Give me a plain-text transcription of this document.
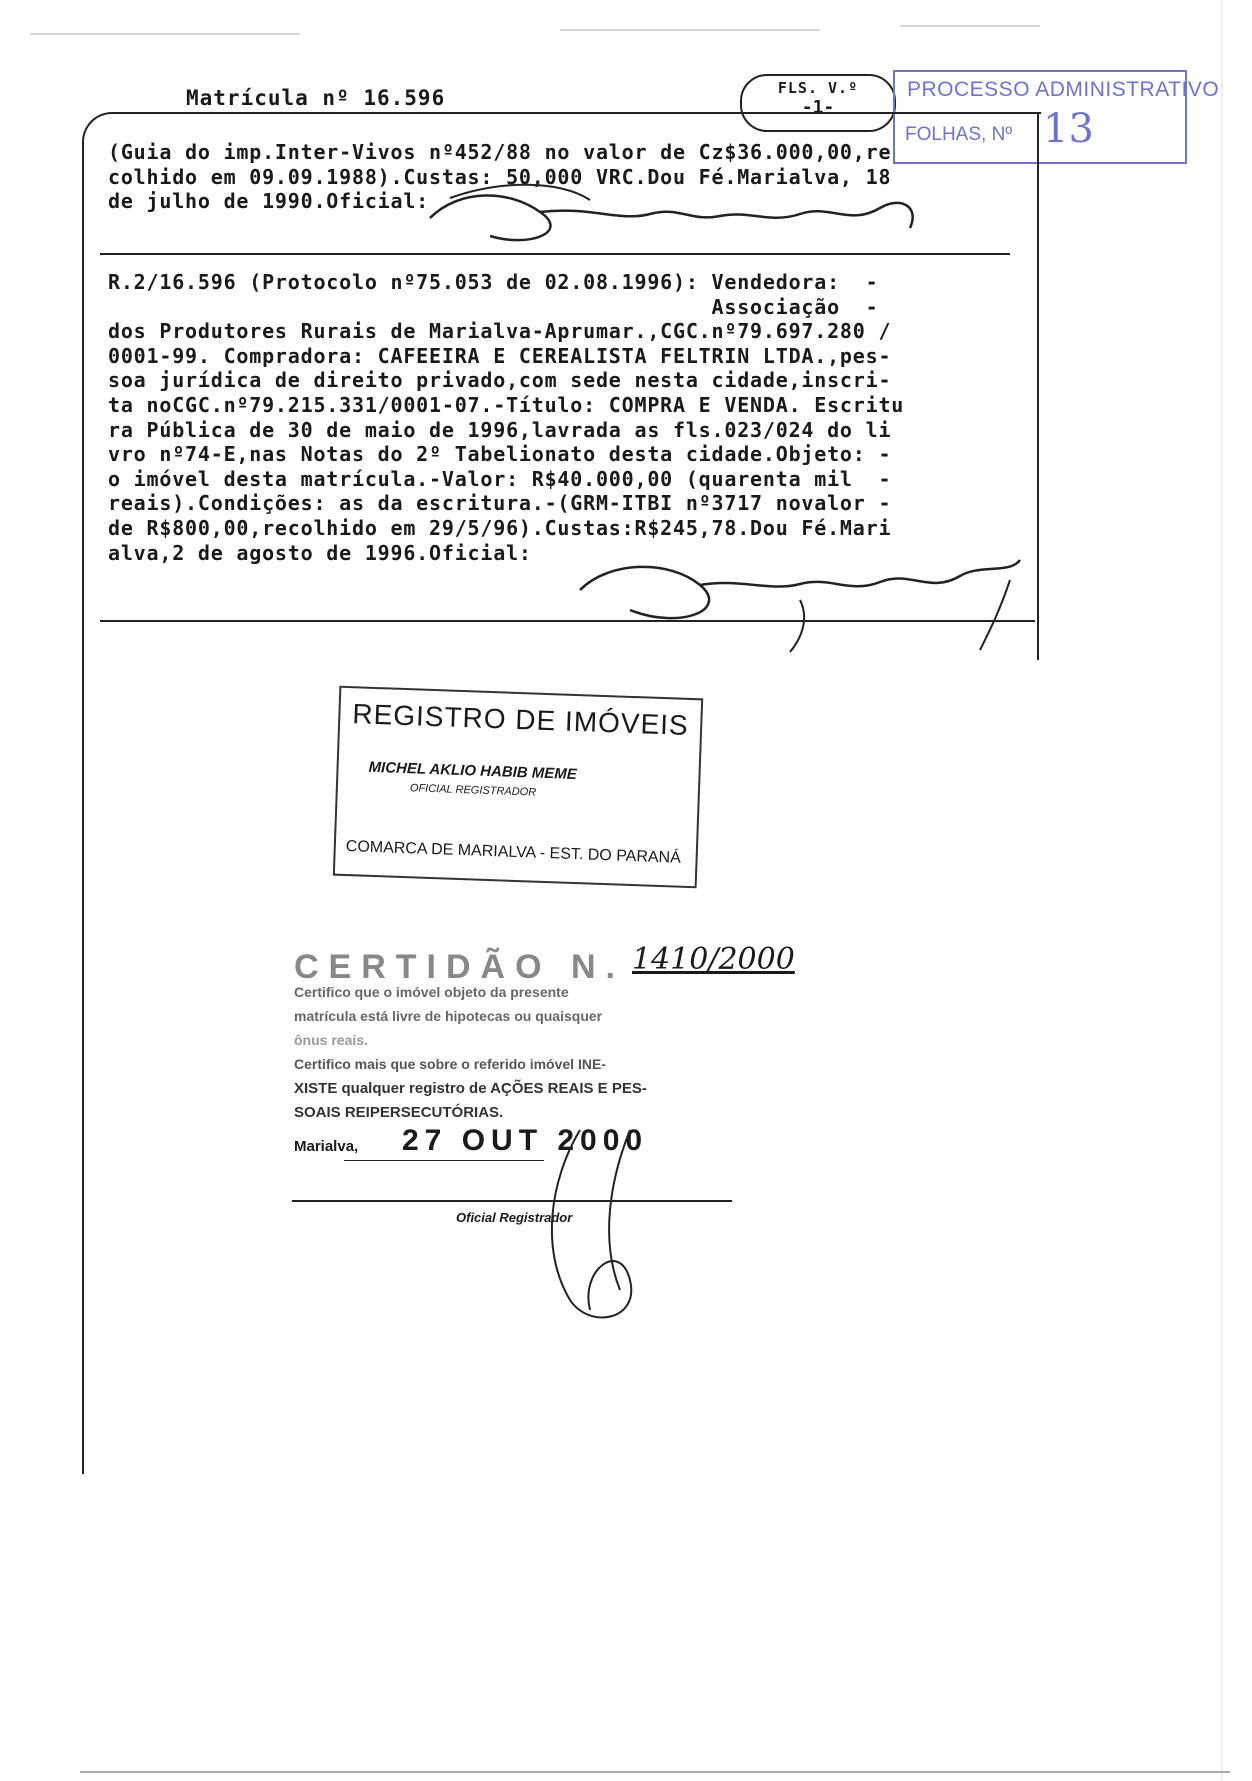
Matrícula nº 16.596	FLS. V.º
-1-
PROCESSO ADMINISTRATIVO
FOLHAS, Nº 13
(Guia do imp.Inter-Vivos nº452/88 no valor de Cz$36.000,00,re
colhido em 09.09.1988).Custas: 50,000 VRC.Dou Fé.Marialva, 18
de julho de 1990.Oficial:
R.2/16.596 (Protocolo nº75.053 de 02.08.1996): Vendedora:  -
Associação  -
dos Produtores Rurais de Marialva-Aprumar.,CGC.nº79.697.280 /
0001-99. Compradora: CAFEEIRA E CEREALISTA FELTRIN LTDA.,pes-
soa jurídica de direito privado,com sede nesta cidade,inscri-
ta noCGC.nº79.215.331/0001-07.-Título: COMPRA E VENDA. Escritu
ra Pública de 30 de maio de 1996,lavrada as fls.023/024 do li
vro nº74-E,nas Notas do 2º Tabelionato desta cidade.Objeto: -
o imóvel desta matrícula.-Valor: R$40.000,00 (quarenta mil  -
reais).Condições: as da escritura.-(GRM-ITBI nº3717 novalor -
de R$800,00,recolhido em 29/5/96).Custas:R$245,78.Dou Fé.Mari
alva,2 de agosto de 1996.Oficial:
REGISTRO DE IMÓVEIS
MICHEL AKLIO HABIB MEME
OFICIAL REGISTRADOR
COMARCA DE MARIALVA - EST. DO PARANÁ
CERTIDÃO N. 1410/2000
Certifico que o imóvel objeto da presente
matrícula está livre de hipotecas ou quaisquer
ônus reais.
Certifico mais que sobre o referido imóvel INE-
XISTE qualquer registro de AÇÕES REAIS E PES-
SOAIS REIPERSECUTÓRIAS.
Marialva, 27 OUT 2000
Oficial Registrador
